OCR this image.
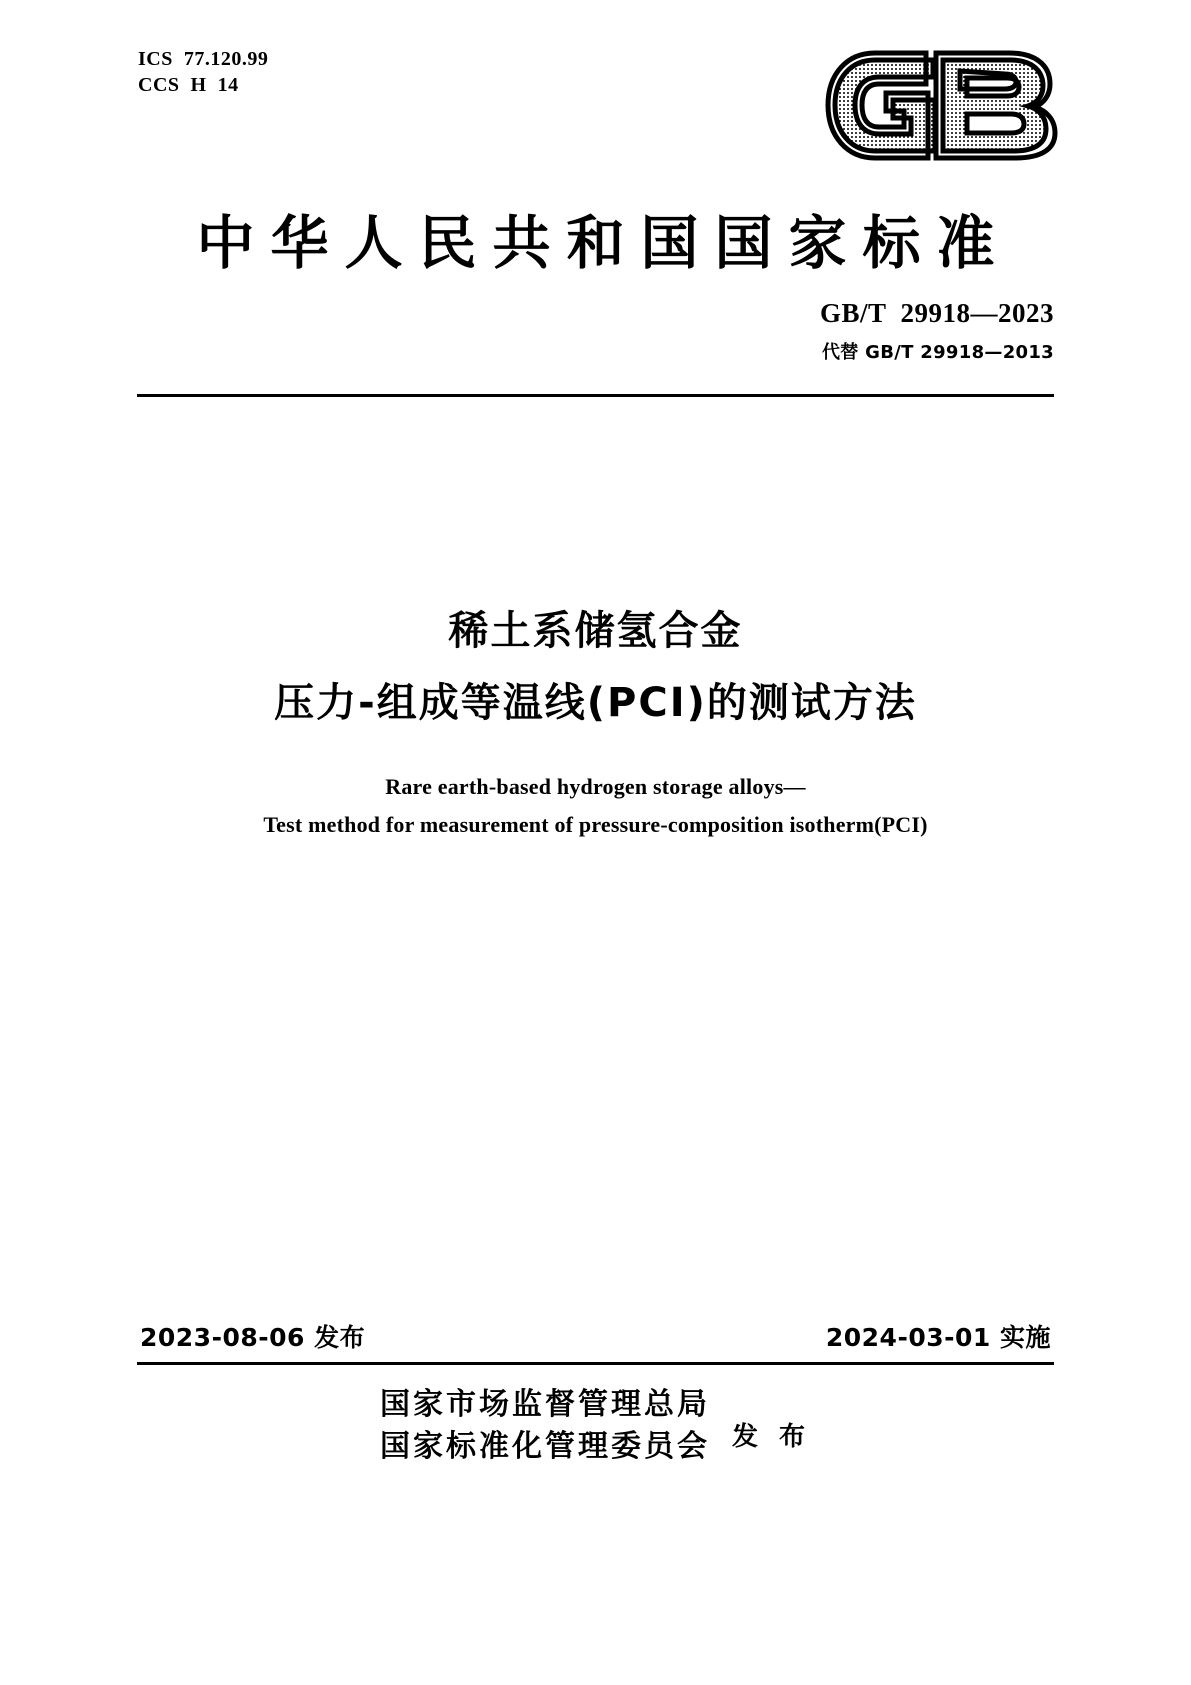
ICS  77.120.99
CCS  H  14
中华人民共和国国家标准
GB/T  29918—2023
代替 GB/T 29918—2013
稀土系储氢合金
压力-组成等温线(PCI)的测试方法
Rare earth-based hydrogen storage alloys—
Test method for measurement of pressure-composition isotherm(PCI)
2023-08-06 发布	2024-03-01 实施
国家市场监督管理总局
国家标准化管理委员会 发 布
